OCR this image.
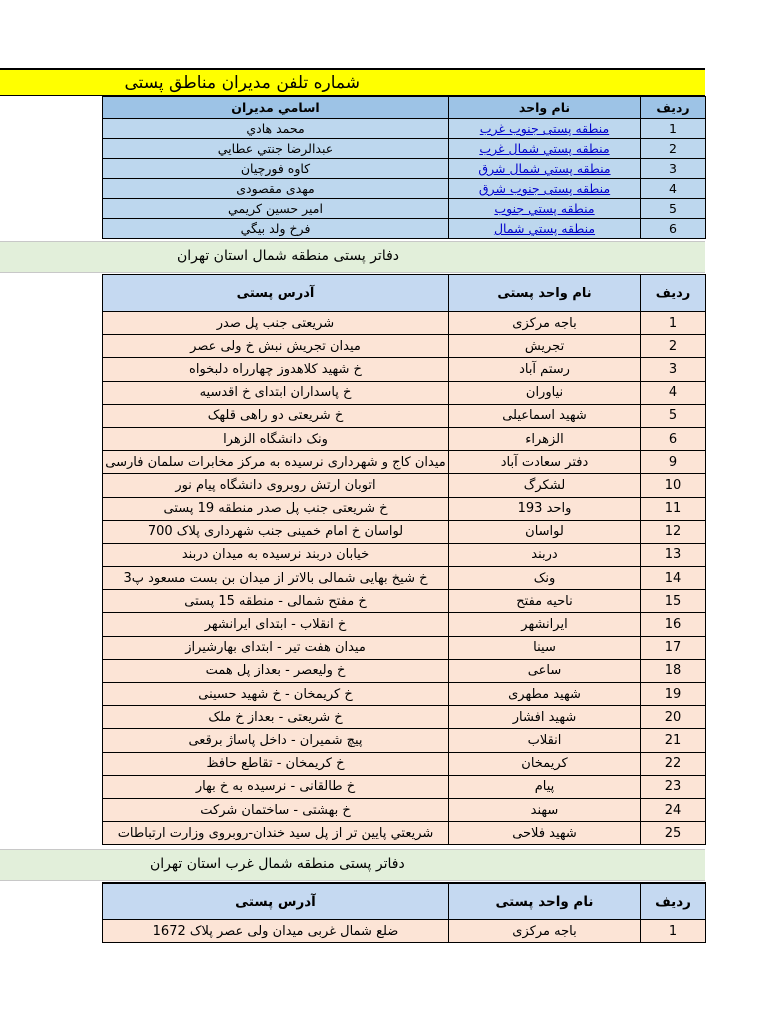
شماره تلفن مديران مناطق پستی
اسامي مديران	نام واحد	رديف
محمد هادي	منطقه پستی جنوب غرب	1
عبدالرضا جنتي عطايي	منطقه پستي شمال غرب	2
کاوه فورچيان	منطقه پستي شمال شرق	3
مهدی مقصودی	منطقه پستی جنوب شرق	4
امير حسين كريمي	منطقه پستي جنوب	5
فرخ ولد بيگي	منطقه پستي شمال	6
دفاتر پستی منطقه شمال استان تهران
آدرس پستی	نام واحد پستی	ردیف
شریعتی جنب پل صدر	باجه مرکزی	1
میدان تجریش نبش خ ولی عصر	تجریش	2
خ شهید کلاهدوز چهارراه دلبخواه	رستم آباد	3
خ پاسداران ابتدای خ اقدسیه	نیاوران	4
خ شریعتی دو راهی قلهک	شهید اسماعیلی	5
ونک دانشگاه الزهرا	الزهراء	6
میدان کاج و شهرداری نرسیده به مرکز مخابرات سلمان فارسی	دفتر سعادت آباد	9
اتوبان ارتش روبروی دانشگاه پیام نور	لشکرگ	10
خ شریعتی جنب پل صدر منطقه 19 پستی	واحد 193	11
لواسان خ امام خمینی جنب شهرداری پلاک 700	لواسان	12
خیابان دربند نرسیده به میدان دربند	دربند	13
خ شیخ بهایی شمالی بالاتر از میدان بن بست مسعود پ3	ونک	14
خ مفتح شمالی - منطقه 15 پستی	ناحیه مفتح	15
خ انقلاب - ابتدای ایرانشهر	ایرانشهر	16
میدان هفت تیر - ابتدای بهارشیراز	سینا	17
خ ولیعصر - بعداز پل همت	ساعی	18
خ کریمخان - خ شهید حسینی	شهید مطهری	19
خ شریعتی - بعداز خ ملک	شهید افشار	20
پیچ شمیران - داخل پاساژ برقعی	انقلاب	21
خ کریمخان - تقاطع حافظ	کریمخان	22
خ طالقانی - نرسیده به خ بهار	پیام	23
خ بهشتی - ساختمان شرکت	سهند	24
شريعتي پايين تر از پل سید خندان-روبروی وزارت ارتباطات	شهید فلاحی	25
دفاتر پستی منطقه شمال غرب استان تهران
آدرس پستی	نام واحد پستی	ردیف
ضلع شمال غربی میدان ولی عصر پلاک 1672	باجه مرکزی	1
